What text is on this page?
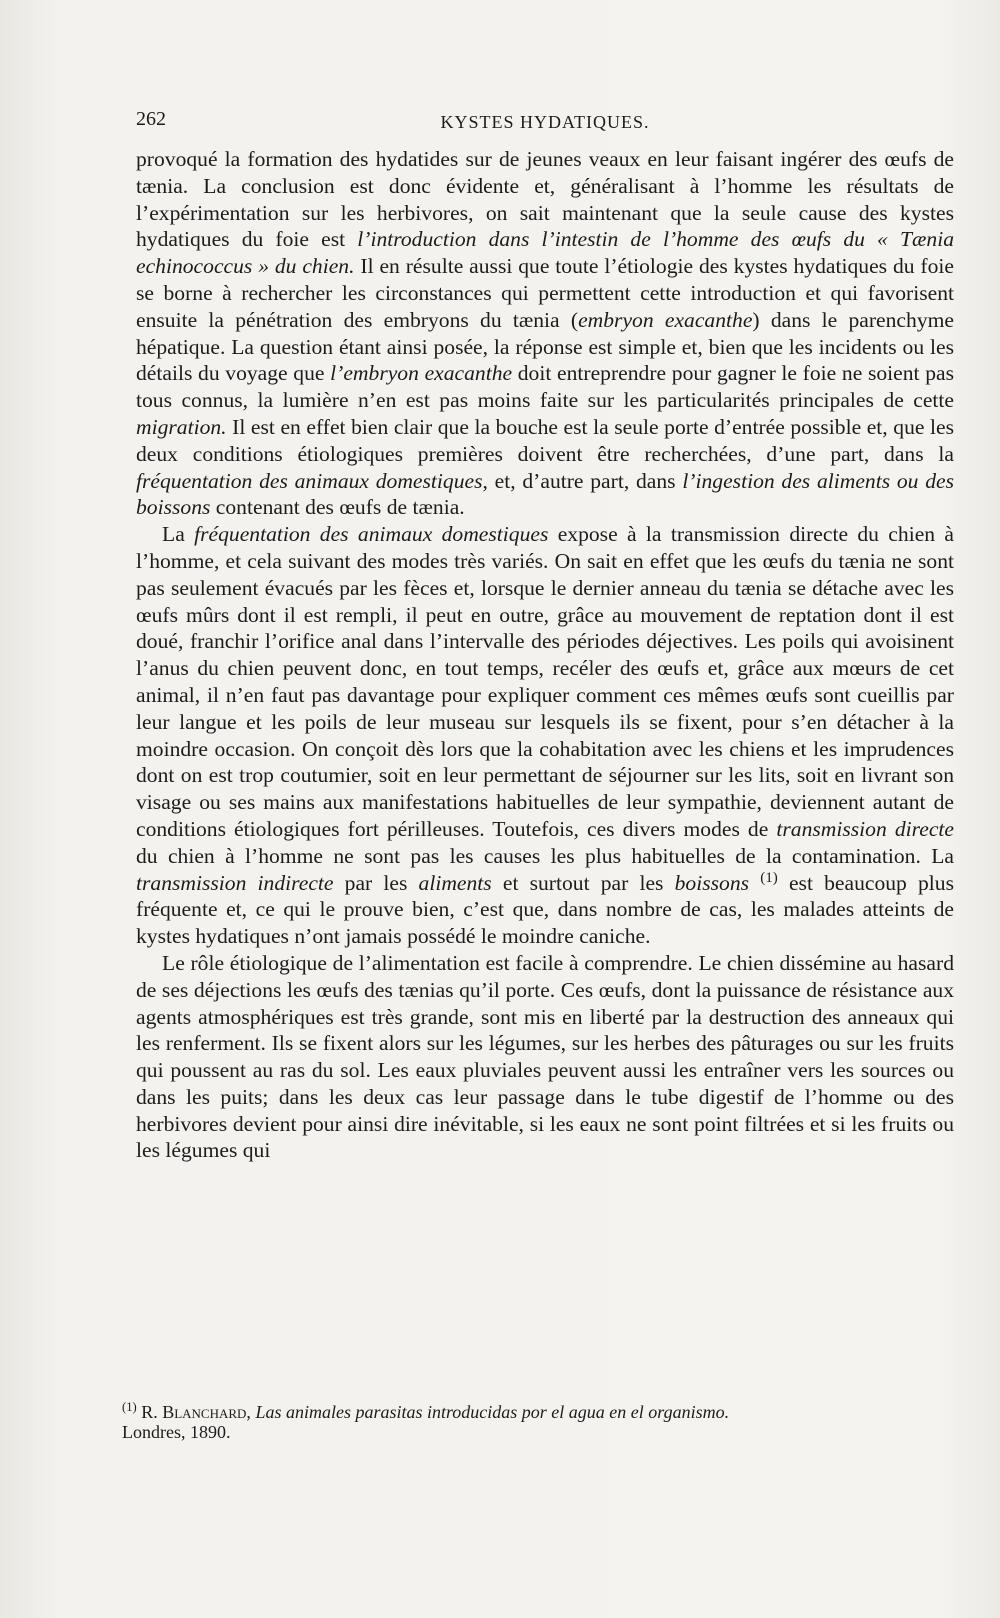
262	KYSTES HYDATIQUES.

provoqué la formation des hydatides sur de jeunes veaux en leur faisant ingérer des œufs de tænia. La conclusion est donc évidente et, généralisant à l’homme les résultats de l’expérimentation sur les herbivores, on sait maintenant que la seule cause des kystes hydatiques du foie est l’introduction dans l’intestin de l’homme des œufs du « Tænia echinococcus » du chien. Il en résulte aussi que toute l’étiologie des kystes hydatiques du foie se borne à rechercher les circonstances qui permettent cette introduction et qui favorisent ensuite la pénétration des embryons du tænia (embryon exacanthe) dans le parenchyme hépatique. La question étant ainsi posée, la réponse est simple et, bien que les incidents ou les détails du voyage que l’embryon exacanthe doit entreprendre pour gagner le foie ne soient pas tous connus, la lumière n’en est pas moins faite sur les particularités principales de cette migration. Il est en effet bien clair que la bouche est la seule porte d’entrée possible et, que les deux conditions étiologiques premières doivent être recherchées, d’une part, dans la fréquentation des animaux domestiques, et, d’autre part, dans l’ingestion des aliments ou des boissons contenant des œufs de tænia.

La fréquentation des animaux domestiques expose à la transmission directe du chien à l’homme, et cela suivant des modes très variés. On sait en effet que les œufs du tænia ne sont pas seulement évacués par les fèces et, lorsque le dernier anneau du tænia se détache avec les œufs mûrs dont il est rempli, il peut en outre, grâce au mouvement de reptation dont il est doué, franchir l’orifice anal dans l’intervalle des périodes déjectives. Les poils qui avoisinent l’anus du chien peuvent donc, en tout temps, recéler des œufs et, grâce aux mœurs de cet animal, il n’en faut pas davantage pour expliquer comment ces mêmes œufs sont cueillis par leur langue et les poils de leur museau sur lesquels ils se fixent, pour s’en détacher à la moindre occasion. On conçoit dès lors que la cohabitation avec les chiens et les imprudences dont on est trop coutumier, soit en leur permettant de séjourner sur les lits, soit en livrant son visage ou ses mains aux manifestations habituelles de leur sympathie, deviennent autant de conditions étiologiques fort périlleuses. Toutefois, ces divers modes de transmission directe du chien à l’homme ne sont pas les causes les plus habituelles de la contamination. La transmission indirecte par les aliments et surtout par les boissons $^{(1)}$ est beaucoup plus fréquente et, ce qui le prouve bien, c’est que, dans nombre de cas, les malades atteints de kystes hydatiques n’ont jamais possédé le moindre caniche.

Le rôle étiologique de l’alimentation est facile à comprendre. Le chien dissémine au hasard de ses déjections les œufs des tænias qu’il porte. Ces œufs, dont la puissance de résistance aux agents atmosphériques est très grande, sont mis en liberté par la destruction des anneaux qui les renferment. Ils se fixent alors sur les légumes, sur les herbes des pâturages ou sur les fruits qui poussent au ras du sol. Les eaux pluviales peuvent aussi les entraîner vers les sources ou dans les puits; dans les deux cas leur passage dans le tube digestif de l’homme ou des herbivores devient pour ainsi dire inévitable, si les eaux ne sont point filtrées et si les fruits ou les légumes qui

$^{(1)}$ R. Blanchard, Las animales parasitas introducidas por el agua en el organismo.
Londres, 1890.
